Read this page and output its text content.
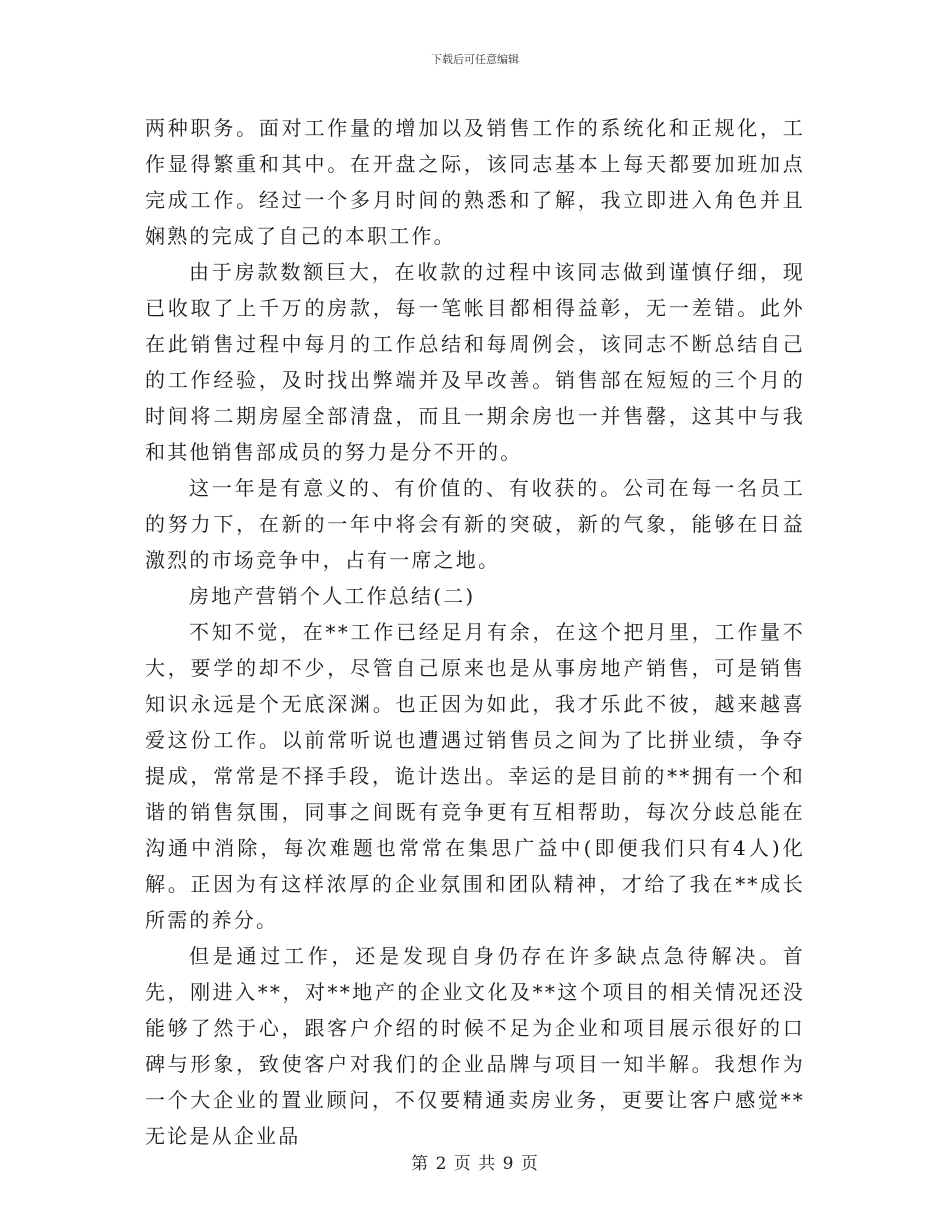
下载后可任意编辑

两种职务。面对工作量的增加以及销售工作的系统化和正规化，工作显得繁重和其中。在开盘之际，该同志基本上每天都要加班加点完成工作。经过一个多月时间的熟悉和了解，我立即进入角色并且娴熟的完成了自己的本职工作。

由于房款数额巨大，在收款的过程中该同志做到谨慎仔细，现已收取了上千万的房款，每一笔帐目都相得益彰，无一差错。此外在此销售过程中每月的工作总结和每周例会，该同志不断总结自己的工作经验，及时找出弊端并及早改善。销售部在短短的三个月的时间将二期房屋全部清盘，而且一期余房也一并售罄，这其中与我和其他销售部成员的努力是分不开的。

这一年是有意义的、有价值的、有收获的。公司在每一名员工的努力下，在新的一年中将会有新的突破，新的气象，能够在日益激烈的市场竞争中，占有一席之地。

房地产营销个人工作总结(二)

不知不觉，在**工作已经足月有余，在这个把月里，工作量不大，要学的却不少，尽管自己原来也是从事房地产销售，可是销售知识永远是个无底深渊。也正因为如此，我才乐此不彼，越来越喜爱这份工作。以前常听说也遭遇过销售员之间为了比拼业绩，争夺提成，常常是不择手段，诡计迭出。幸运的是目前的**拥有一个和谐的销售氛围，同事之间既有竞争更有互相帮助，每次分歧总能在沟通中消除，每次难题也常常在集思广益中(即便我们只有4人)化解。正因为有这样浓厚的企业氛围和团队精神，才给了我在**成长所需的养分。

但是通过工作，还是发现自身仍存在许多缺点急待解决。首先，刚进入**，对**地产的企业文化及**这个项目的相关情况还没能够了然于心，跟客户介绍的时候不足为企业和项目展示很好的口碑与形象，致使客户对我们的企业品牌与项目一知半解。我想作为一个大企业的置业顾问，不仅要精通卖房业务，更要让客户感觉**无论是从企业品

第 2 页 共 9 页
